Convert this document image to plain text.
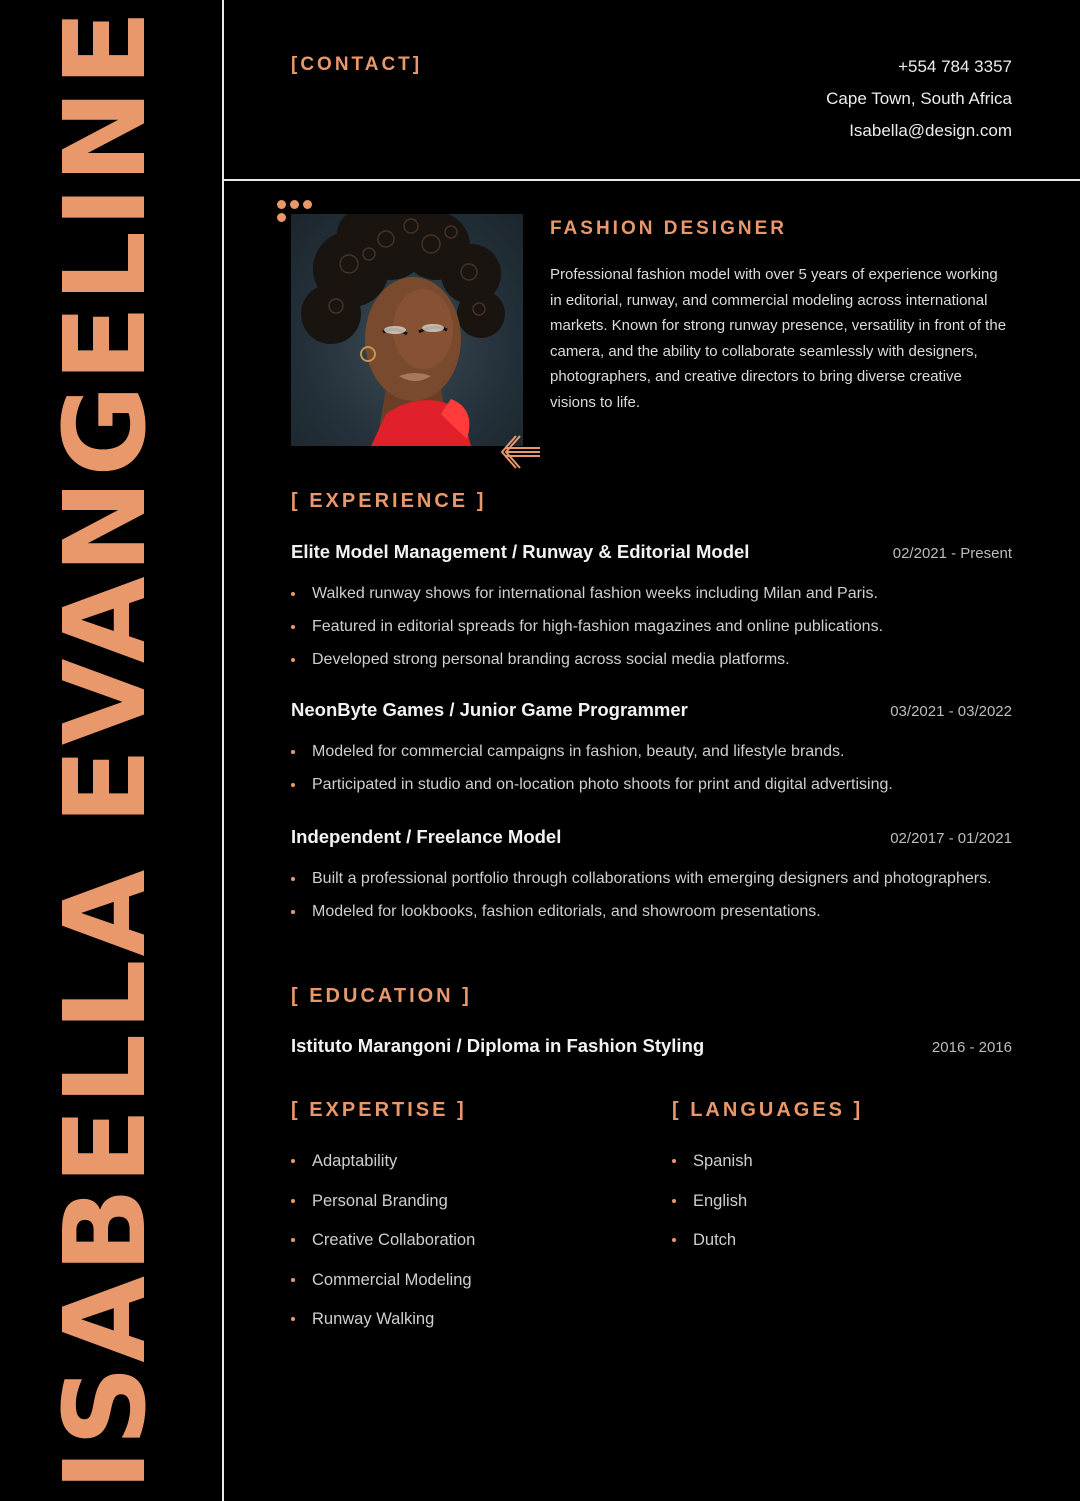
ISABELLA EVANGELINE	[CONTACT]	+554 784 3357
Cape Town, South Africa
Isabella@design.com
FASHION DESIGNER
Professional fashion model with over 5 years of experience working in editorial, runway, and commercial modeling across international markets. Known for strong runway presence, versatility in front of the camera, and the ability to collaborate seamlessly with designers, photographers, and creative directors to bring diverse creative visions to life.
[ EXPERIENCE ]
Elite Model Management / Runway & Editorial Model	02/2021 - Present
Walked runway shows for international fashion weeks including Milan and Paris.
Featured in editorial spreads for high-fashion magazines and online publications.
Developed strong personal branding across social media platforms.
NeonByte Games / Junior Game Programmer	03/2021 - 03/2022
Modeled for commercial campaigns in fashion, beauty, and lifestyle brands.
Participated in studio and on-location photo shoots for print and digital advertising.
Independent / Freelance Model	02/2017 - 01/2021
Built a professional portfolio through collaborations with emerging designers and photographers.
Modeled for lookbooks, fashion editorials, and showroom presentations.
[ EDUCATION ]
Istituto Marangoni / Diploma in Fashion Styling	2016 - 2016
[ EXPERTISE ]
Adaptability
Personal Branding
Creative Collaboration
Commercial Modeling
Runway Walking
[ LANGUAGES ]
Spanish
English
Dutch
